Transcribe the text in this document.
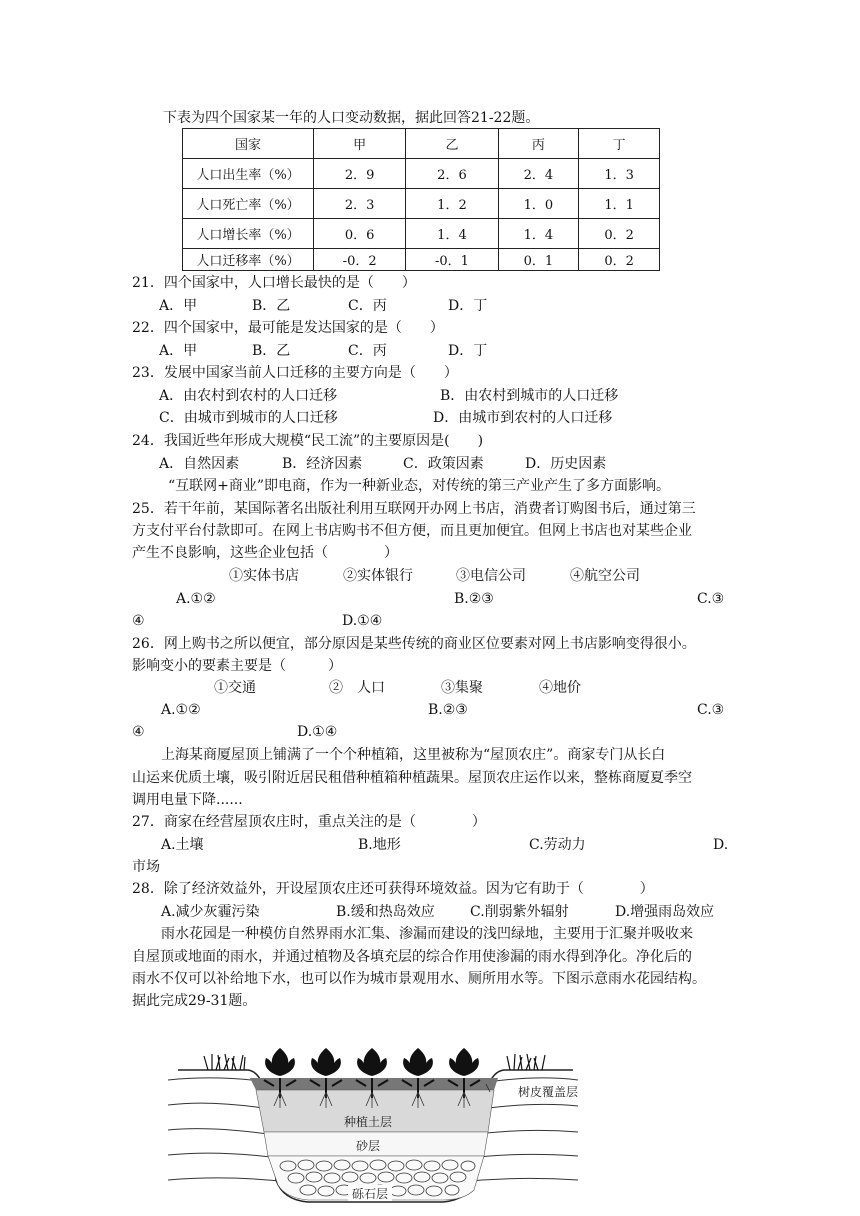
下表为四个国家某一年的人口变动数据，据此回答21-22题。
国家	甲	乙	丙	丁
人口出生率（%）	2．9	2．6	2．4	1．3
人口死亡率（%）	2．3	1．2	1．0	1．1
人口增长率（%）	0．6	1．4	1．4	0．2
人口迁移率（%）	-0．2	-0．1	0．1	0．2
21．四个国家中，人口增长最快的是（　　）
A．甲	B．乙	C．丙	D．丁
22．四个国家中，最可能是发达国家的是（　　）
A．甲	B．乙	C．丙	D．丁
23．发展中国家当前人口迁移的主要方向是（　　）
A．由农村到农村的人口迁移	B．由农村到城市的人口迁移
C．由城市到城市的人口迁移	D．由城市到农村的人口迁移
24．我国近些年形成大规模“民工流”的主要原因是(　　)
A．自然因素	B．经济因素	C．政策因素	D．历史因素
“互联网+商业”即电商，作为一种新业态，对传统的第三产业产生了多方面影响。
25．若干年前，某国际著名出版社利用互联网开办网上书店，消费者订购图书后，通过第三
方支付平台付款即可。在网上书店购书不但方便，而且更加便宜。但网上书店也对某些企业
产生不良影响，这些企业包括（　　　　）
①实体书店	②实体银行	③电信公司	④航空公司
A.①②	B.②③	C.③
④	D.①④
26．网上购书之所以便宜，部分原因是某些传统的商业区位要素对网上书店影响变得很小。
影响变小的要素主要是（　　　）
①交通	②　人口	③集聚	④地价
A.①②	B.②③	C.③
④	D.①④
上海某商厦屋顶上铺满了一个个种植箱，这里被称为“屋顶农庄”。商家专门从长白
山运来优质土壤，吸引附近居民租借种植箱种植蔬果。屋顶农庄运作以来，整栋商厦夏季空
调用电量下降......
27．商家在经营屋顶农庄时，重点关注的是（　　　　）
A.土壤	B.地形	C.劳动力	D.
市场
28．除了经济效益外，开设屋顶农庄还可获得环境效益。因为它有助于（　　　　）
A.减少灰霾污染	B.缓和热岛效应	C.削弱紫外辐射	D.增强雨岛效应
雨水花园是一种模仿自然界雨水汇集、渗漏而建设的浅凹绿地，主要用于汇聚并吸收来
自屋顶或地面的雨水，并通过植物及各填充层的综合作用使渗漏的雨水得到净化。净化后的
雨水不仅可以补给地下水，也可以作为城市景观用水、厕所用水等。下图示意雨水花园结构。
据此完成29-31题。
树皮覆盖层
种植土层
砂层
砾石层
